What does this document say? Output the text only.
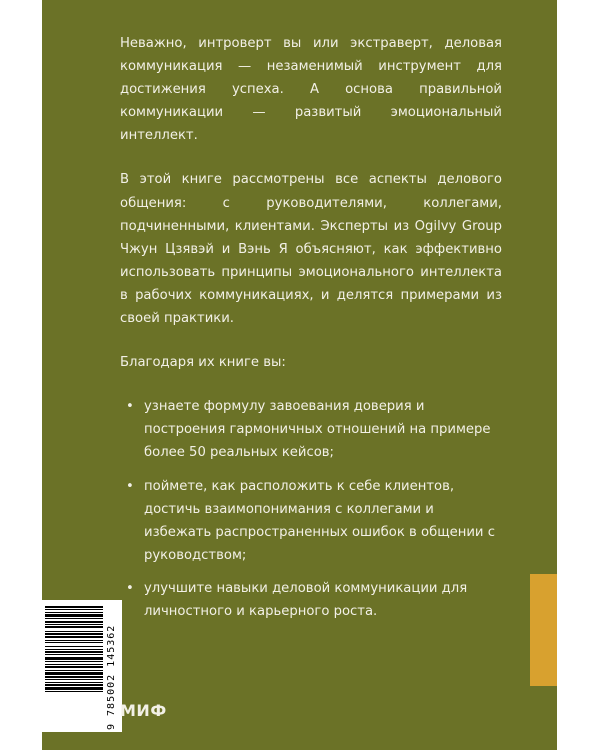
Неважно, интроверт вы или экстраверт, деловая коммуникация — незаменимый инструмент для достижения успеха. А основа правильной коммуникации — развитый эмоциональный интеллект.

В этой книге рассмотрены все аспекты делового общения: с руководителями, коллегами, подчиненными, клиентами. Эксперты из Ogilvy Group Чжун Цзявэй и Вэнь Я объясняют, как эффективно использовать принципы эмоционального интеллекта в рабочих коммуникациях, и делятся примерами из своей практики.

Благодаря их книге вы:

• узнаете формулу завоевания доверия и построения гармоничных отношений на примере более 50 реальных кейсов;
• поймете, как расположить к себе клиентов, достичь взаимопонимания с коллегами и избежать распространенных ошибок в общении с руководством;
• улучшите навыки деловой коммуникации для личностного и карьерного роста.
9 785002 145362 МИФ
